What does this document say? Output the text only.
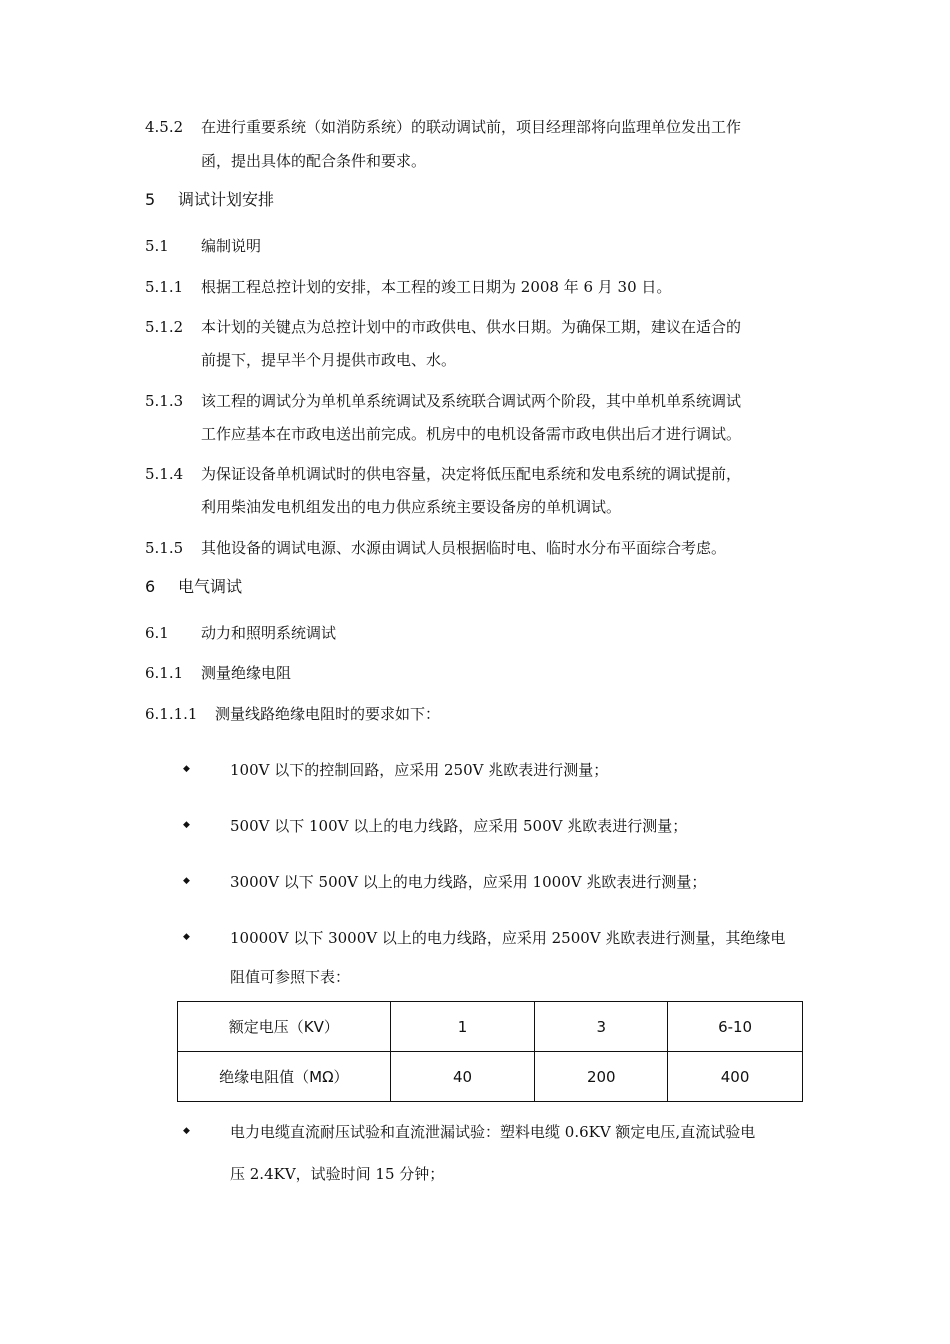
4.5.2 在进行重要系统（如消防系统）的联动调试前，项目经理部将向监理单位发出工作
函，提出具体的配合条件和要求。
5 调试计划安排
5.1 编制说明
5.1.1 根据工程总控计划的安排，本工程的竣工日期为 2008 年 6 月 30 日。
5.1.2 本计划的关键点为总控计划中的市政供电、供水日期。为确保工期，建议在适合的
前提下，提早半个月提供市政电、水。
5.1.3 该工程的调试分为单机单系统调试及系统联合调试两个阶段，其中单机单系统调试
工作应基本在市政电送出前完成。机房中的电机设备需市政电供出后才进行调试。
5.1.4 为保证设备单机调试时的供电容量，决定将低压配电系统和发电系统的调试提前，
利用柴油发电机组发出的电力供应系统主要设备房的单机调试。
5.1.5 其他设备的调试电源、水源由调试人员根据临时电、临时水分布平面综合考虑。
6 电气调试
6.1 动力和照明系统调试
6.1.1 测量绝缘电阻
6.1.1.1 测量线路绝缘电阻时的要求如下：
◆	100V 以下的控制回路，应采用 250V 兆欧表进行测量；
◆	500V 以下 100V 以上的电力线路，应采用 500V 兆欧表进行测量；
◆	3000V 以下 500V 以上的电力线路，应采用 1000V 兆欧表进行测量；
◆	10000V 以下 3000V 以上的电力线路，应采用 2500V 兆欧表进行测量，其绝缘电
阻值可参照下表：
额定电压（KV）	1	3	6-10
绝缘电阻值（MΩ）	40	200	400
◆	电力电缆直流耐压试验和直流泄漏试验：塑料电缆 0.6KV 额定电压,直流试验电
压 2.4KV，试验时间 15 分钟；
